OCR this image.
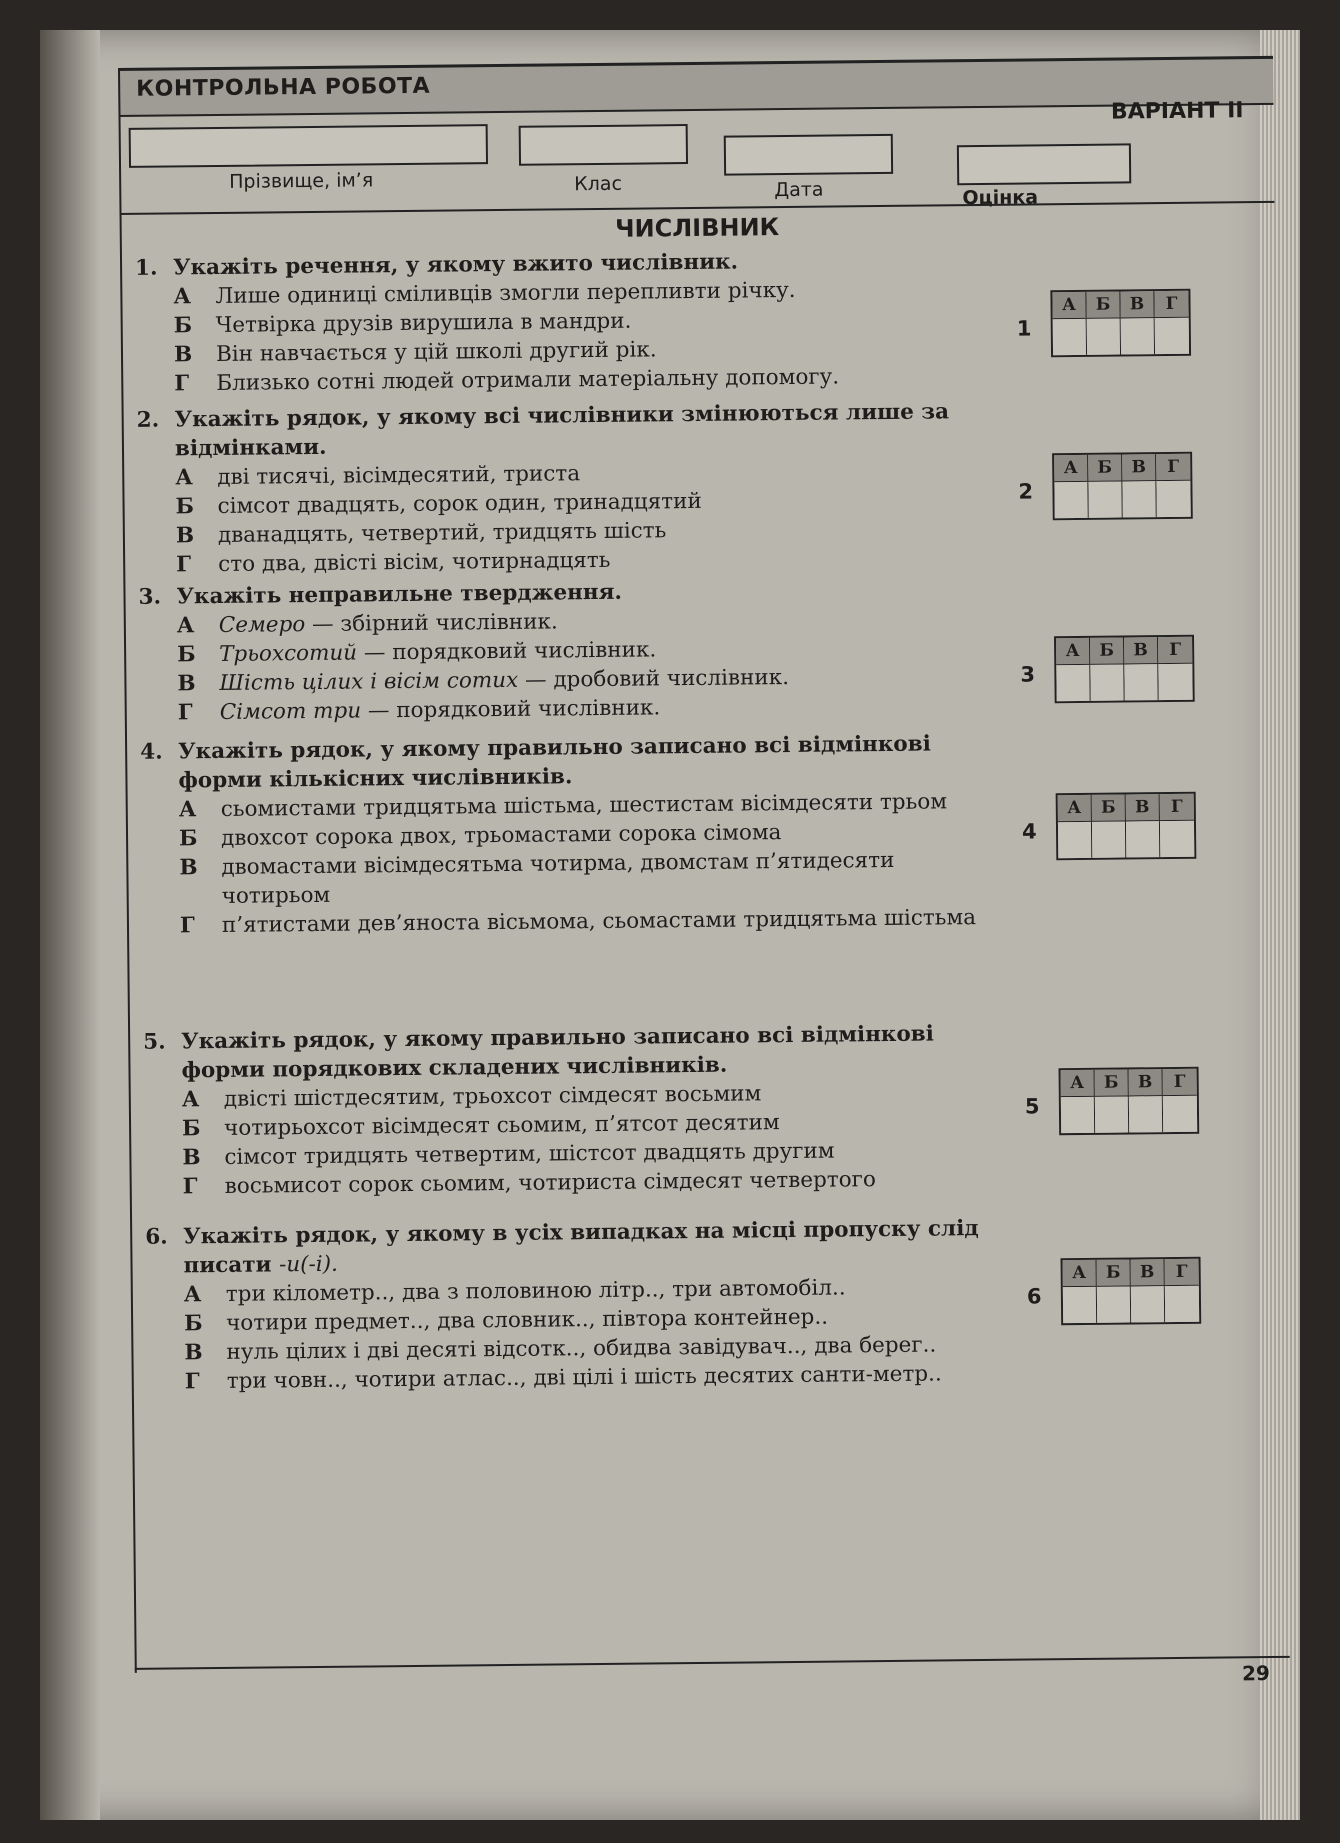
КОНТРОЛЬНА РОБОТА
ВАРІАНТ ІІ
Прізвище, ім’я	Клас	Дата	Оцінка
ЧИСЛІВНИК
1. Укажіть речення, у якому вжито числівник.
А	Лише одиниці сміливців змогли перепливти річку.
Б	Четвірка друзів вирушила в мандри.
В	Він навчається у цій школі другий рік.
Г	Близько сотні людей отримали матеріальну допомогу.
2. Укажіть рядок, у якому всі числівники змінюються лише за відмінками.
А	дві тисячі, вісімдесятий, триста
Б	сімсот двадцять, сорок один, тринадцятий
В	дванадцять, четвертий, тридцять шість
Г	сто два, двісті вісім, чотирнадцять
3. Укажіть неправильне твердження.
А	Семеро — збірний числівник.
Б	Трьохсотий — порядковий числівник.
В	Шість цілих і вісім сотих — дробовий числівник.
Г	Сімсот три — порядковий числівник.
4. Укажіть рядок, у якому правильно записано всі відмінкові форми кількісних числівників.
А	сьомистами тридцятьма шістьма, шестистам вісімдесяти трьом
Б	двохсот сорока двох, трьомастами сорока сімома
В	двомастами вісімдесятьма чотирма, двомстам п’ятидесяти чотирьом
Г	п’ятистами дев’яноста вісьмома, сьомастами тридцятьма шістьма
5. Укажіть рядок, у якому правильно записано всі відмінкові форми порядкових складених числівників.
А	двісті шістдесятим, трьохсот сімдесят восьмим
Б	чотирьохсот вісімдесят сьомим, п’ятсот десятим
В	сімсот тридцять четвертим, шістсот двадцять другим
Г	восьмисот сорок сьомим, чотириста сімдесят четвертого
6. Укажіть рядок, у якому в усіх випадках на місці пропуску слід писати -и(-і).
А	три кілометр.., два з половиною літр.., три автомобіл..
Б	чотири предмет.., два словник.., півтора контейнер..
В	нуль цілих і дві десяті відсотк.., обидва завідувач.., два берег..
Г	три човн.., чотири атлас.., дві цілі і шість десятих санти-метр..
1
А	Б	В	Г
2
А	Б	В	Г
3
А	Б	В	Г
4
А	Б	В	Г
5
А	Б	В	Г
6
А	Б	В	Г
29
